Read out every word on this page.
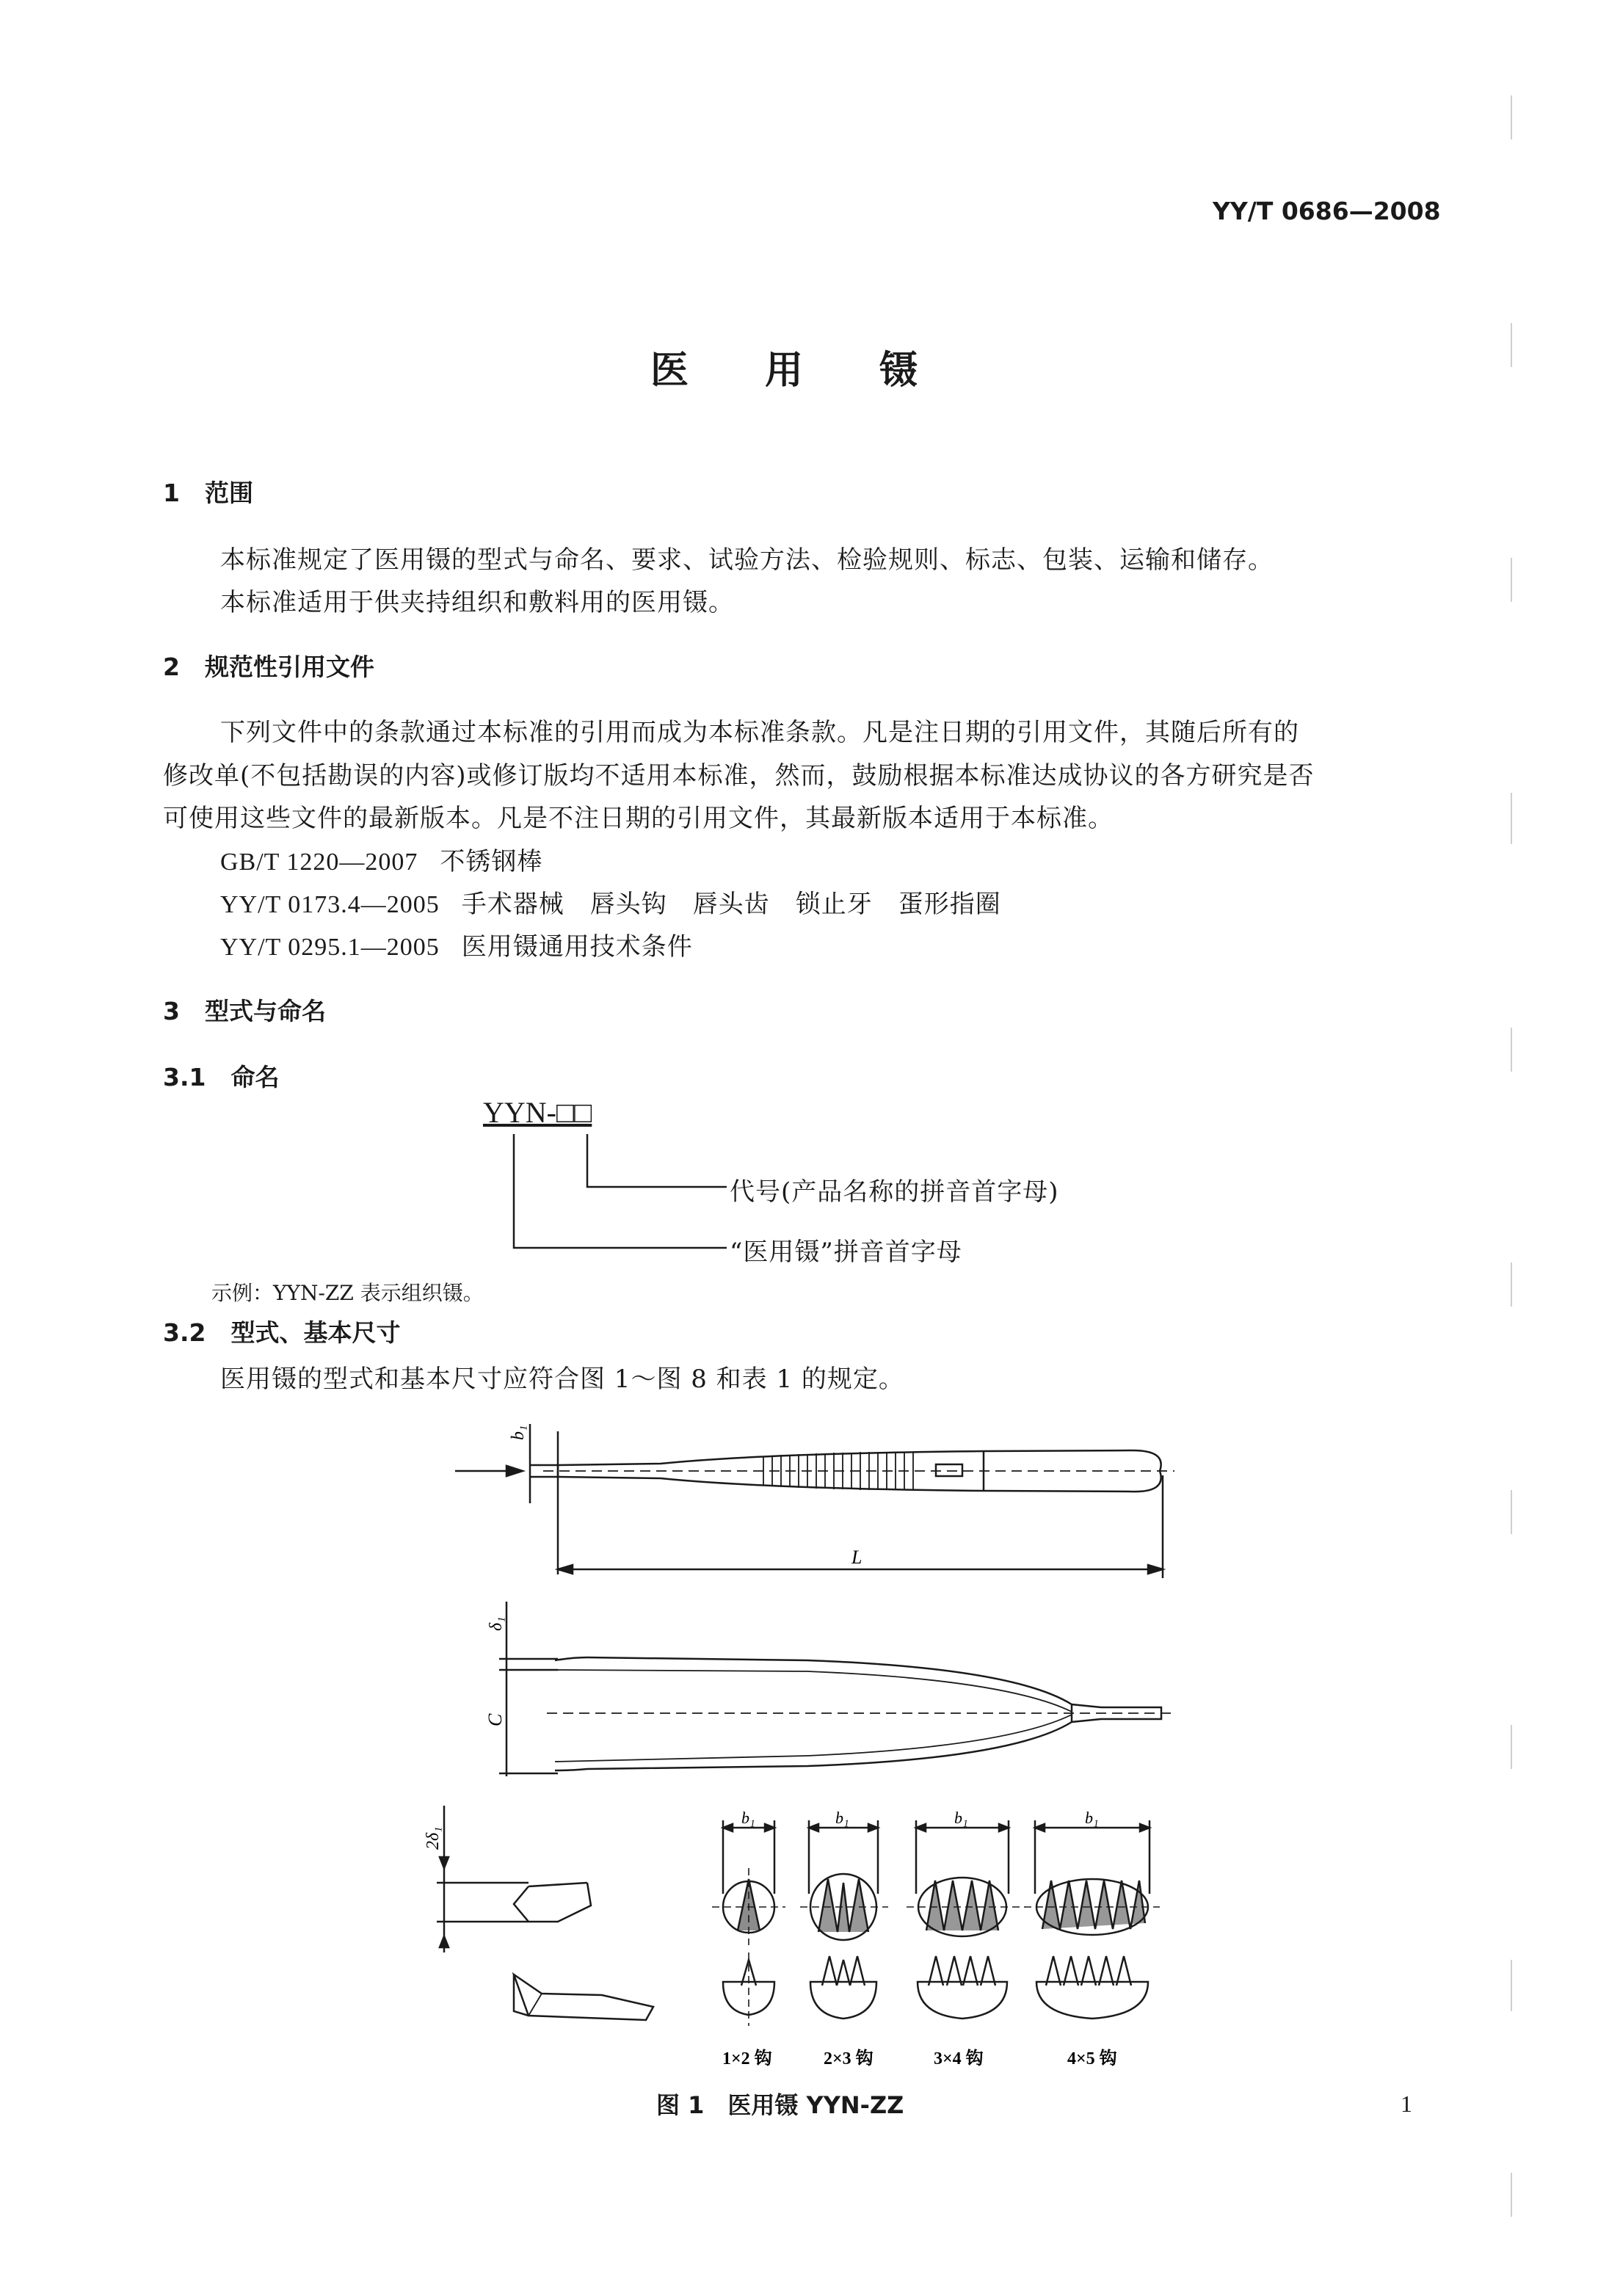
YY/T 0686—2008
医　　用　　镊
1 范围
本标准规定了医用镊的型式与命名、要求、试验方法、检验规则、标志、包装、运输和储存。
本标准适用于供夹持组织和敷料用的医用镊。
2 规范性引用文件
下列文件中的条款通过本标准的引用而成为本标准条款。凡是注日期的引用文件，其随后所有的
修改单(不包括勘误的内容)或修订版均不适用本标准，然而，鼓励根据本标准达成协议的各方研究是否
可使用这些文件的最新版本。凡是不注日期的引用文件，其最新版本适用于本标准。
GB/T 1220—2007 不锈钢棒
YY/T 0173.4—2005 手术器械　唇头钩　唇头齿　锁止牙　蛋形指圈
YY/T 0295.1—2005 医用镊通用技术条件
3 型式与命名
3.1 命名
YYN-□□
代号(产品名称的拼音首字母)
“医用镊”拼音首字母
示例：YYN-ZZ 表示组织镊。
3.2 型式、基本尺寸
医用镊的型式和基本尺寸应符合图 1～图 8 和表 1 的规定。
b₁
L
δ₁
C
2δ₁
b₁	b₁	b₁	b₁
1×2 钩	2×3 钩	3×4 钩	4×5 钩
图 1　医用镊 YYN-ZZ	1
